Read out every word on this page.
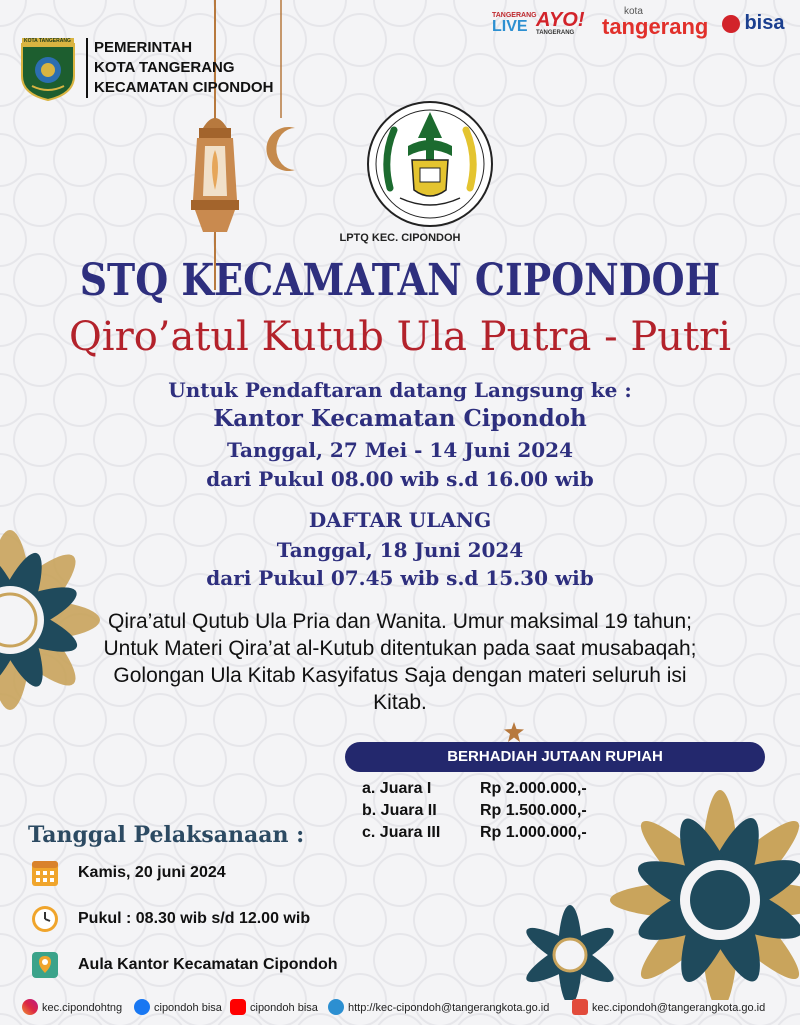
KOTA TANGERANG PEMERINTAH
KOTA TANGERANG
KECAMATAN CIPONDOH
TANGERANG
LIVE AYO!
TANGERANG
kota
tangerang	bisa
LPTQ KEC. CIPONDOH
STQ KECAMATAN CIPONDOH
Qiro’atul Kutub Ula Putra - Putri
Untuk Pendaftaran datang Langsung ke :
Kantor Kecamatan Cipondoh
Tanggal, 27 Mei - 14 Juni 2024
dari Pukul 08.00 wib s.d 16.00 wib
DAFTAR ULANG
Tanggal, 18 Juni 2024
dari Pukul 07.45 wib s.d 15.30 wib
Qira’atul Qutub Ula Pria dan Wanita. Umur maksimal 19 tahun;
Untuk Materi Qira’at al-Kutub ditentukan pada saat musabaqah;
Golongan Ula Kitab Kasyifatus Saja dengan materi seluruh isi
Kitab.
BERHADIAH JUTAAN RUPIAH
a. Juara I	Rp 2.000.000,-
b. Juara II	Rp 1.500.000,-
c. Juara III Rp 1.000.000,-
Tanggal Pelaksanaan :
Kamis, 20 juni 2024
Pukul : 08.30 wib s/d 12.00 wib
Aula Kantor Kecamatan Cipondoh
kec.cipondohtng	cipondoh bisa	cipondoh bisa	http://kec-cipondoh@tangerangkota.go.id	kec.cipondoh@tangerangkota.go.id
